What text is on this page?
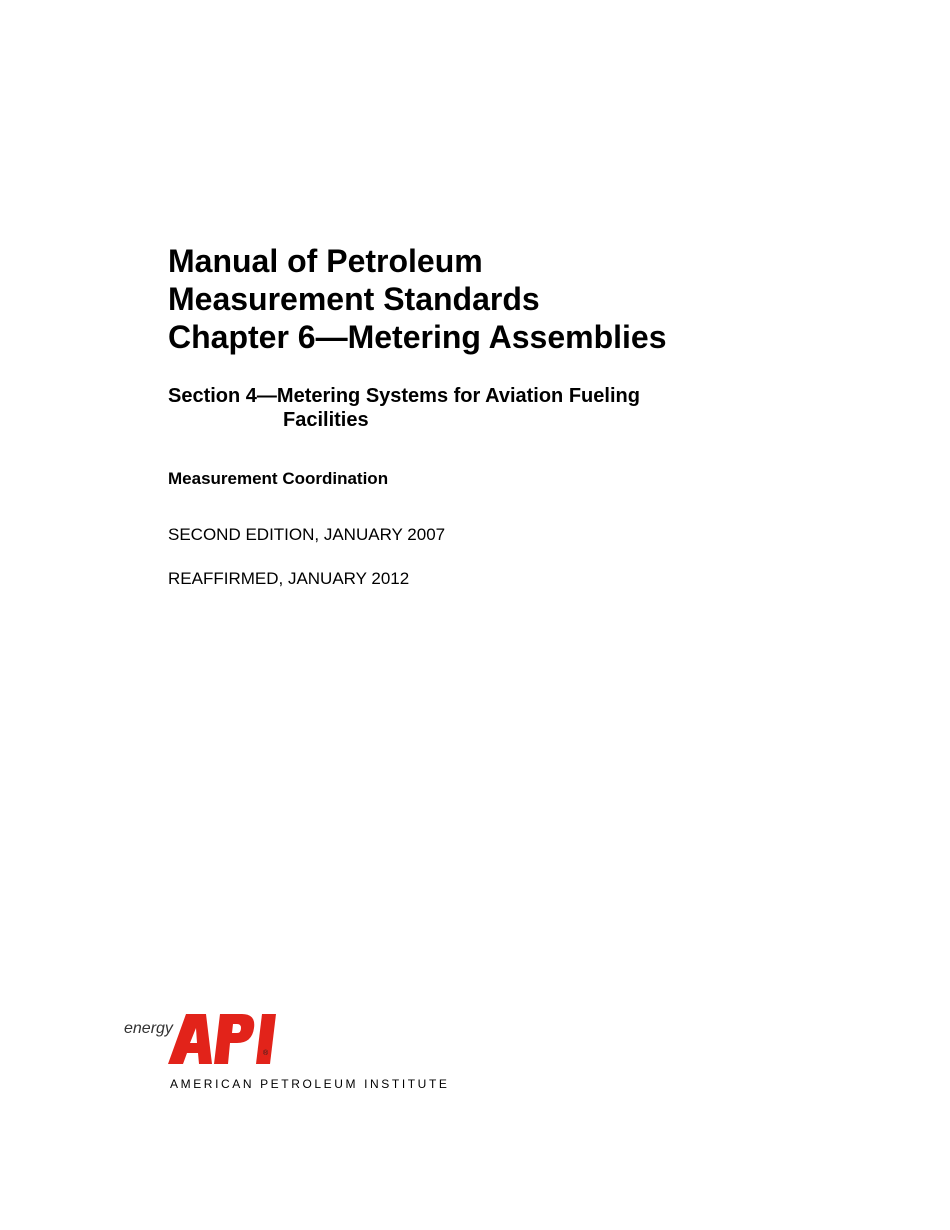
Manual of Petroleum
Measurement Standards
Chapter 6—Metering Assemblies
Section 4—Metering Systems for Aviation Fueling
Facilities
Measurement Coordination
SECOND EDITION, JANUARY 2007
REAFFIRMED, JANUARY 2012
energy
®
AMERICAN PETROLEUM INSTITUTE
